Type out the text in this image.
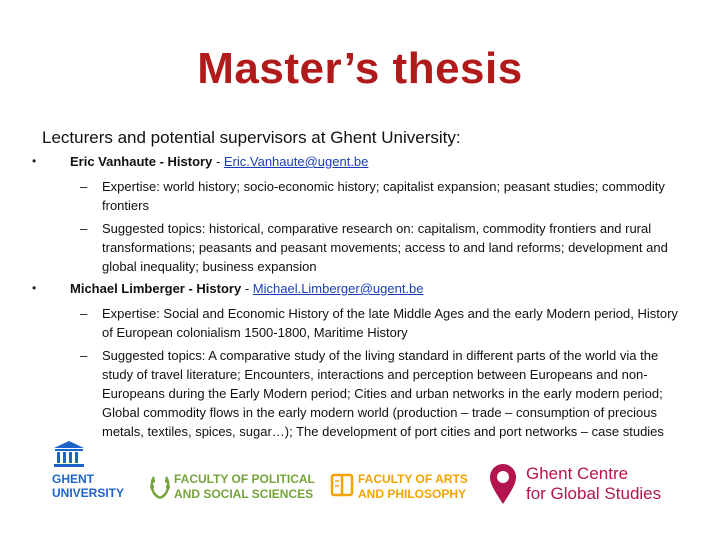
Master’s thesis
Lecturers and potential supervisors at Ghent University:
•	Eric Vanhaute - History - Eric.Vanhaute@ugent.be
– Expertise: world history; socio-economic history; capitalist expansion; peasant studies; commodity frontiers
– Suggested topics: historical, comparative research on: capitalism, commodity frontiers and rural transformations; peasants and peasant movements; access to and land reforms; development and global inequality; business expansion
•	Michael Limberger - History - Michael.Limberger@ugent.be
– Expertise: Social and Economic History of the late Middle Ages and the early Modern period, History of European colonialism 1500-1800, Maritime History
– Suggested topics: A comparative study of the living standard in different parts of the world via the study of travel literature; Encounters, interactions and perception between Europeans and non-Europeans during the Early Modern period; Cities and urban networks in the early modern period; Global commodity flows in the early modern world (production – trade – consumption of precious metals, textiles, spices, sugar…); The development of port cities and port networks – case studies
GHENT
UNIVERSITY
FACULTY OF POLITICAL
AND SOCIAL SCIENCES
FACULTY OF ARTS
AND PHILOSOPHY
Ghent Centre
for Global Studies
